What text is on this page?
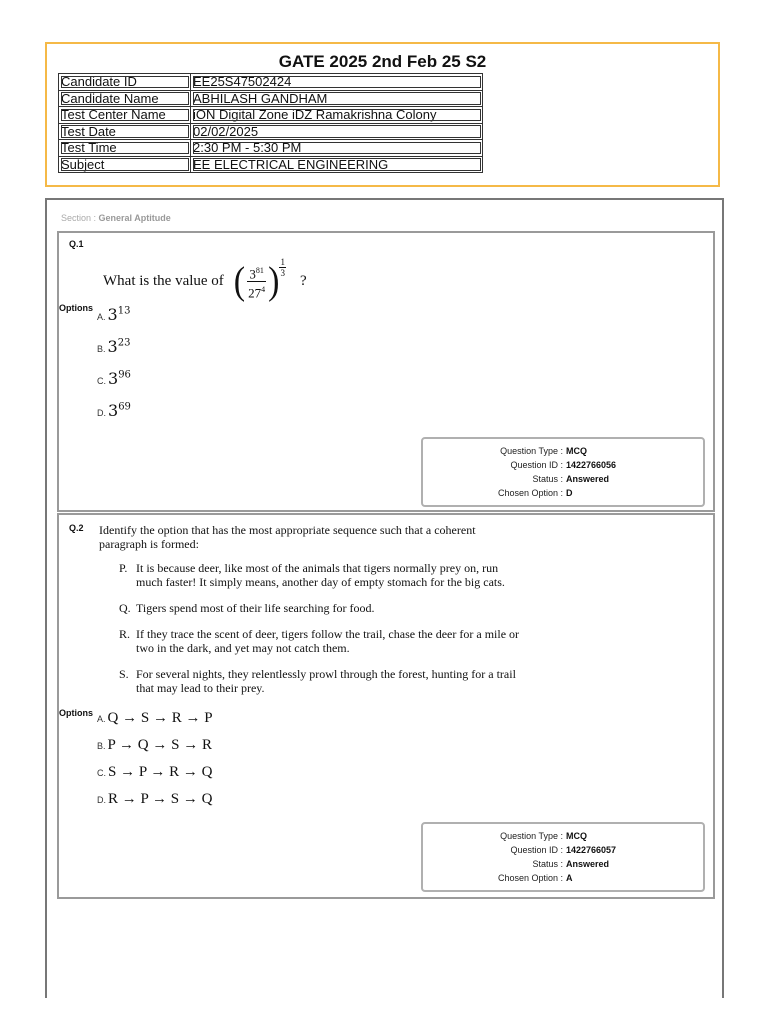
GATE 2025 2nd Feb 25 S2
Candidate ID	EE25S47502424
Candidate Name	ABHILASH GANDHAM
Test Center Name	iON Digital Zone iDZ Ramakrishna Colony
Test Date	02/02/2025
Test Time	2:30 PM - 5:30 PM
Subject	EE ELECTRICAL ENGINEERING
Section : General Aptitude
Q.1
What is the value of ( $\frac{3^{81}}{27^4}$ ) $\frac{1}{3}$
?
Options
A. $3^{13}$
B. $3^{23}$
C. $3^{96}$
D. $3^{69}$
Question Type : MCQ
Question ID : 1422766056
Status : Answered
Chosen Option : D
Q.2 Identify the option that has the most appropriate sequence such that a coherent paragraph is formed:

P. It is because deer, like most of the animals that tigers normally prey on, run much faster! It simply means, another day of empty stomach for the big cats.
Q. Tigers spend most of their life searching for food.
R. If they trace the scent of deer, tigers follow the trail, chase the deer for a mile or two in the dark, and yet may not catch them.
S. For several nights, they relentlessly prowl through the forest, hunting for a trail that may lead to their prey.
Options
A. Q → S → R → P
B. P → Q → S → R
C. S → P → R → Q
D. R → P → S → Q
Question Type : MCQ
Question ID : 1422766057
Status : Answered
Chosen Option : A
